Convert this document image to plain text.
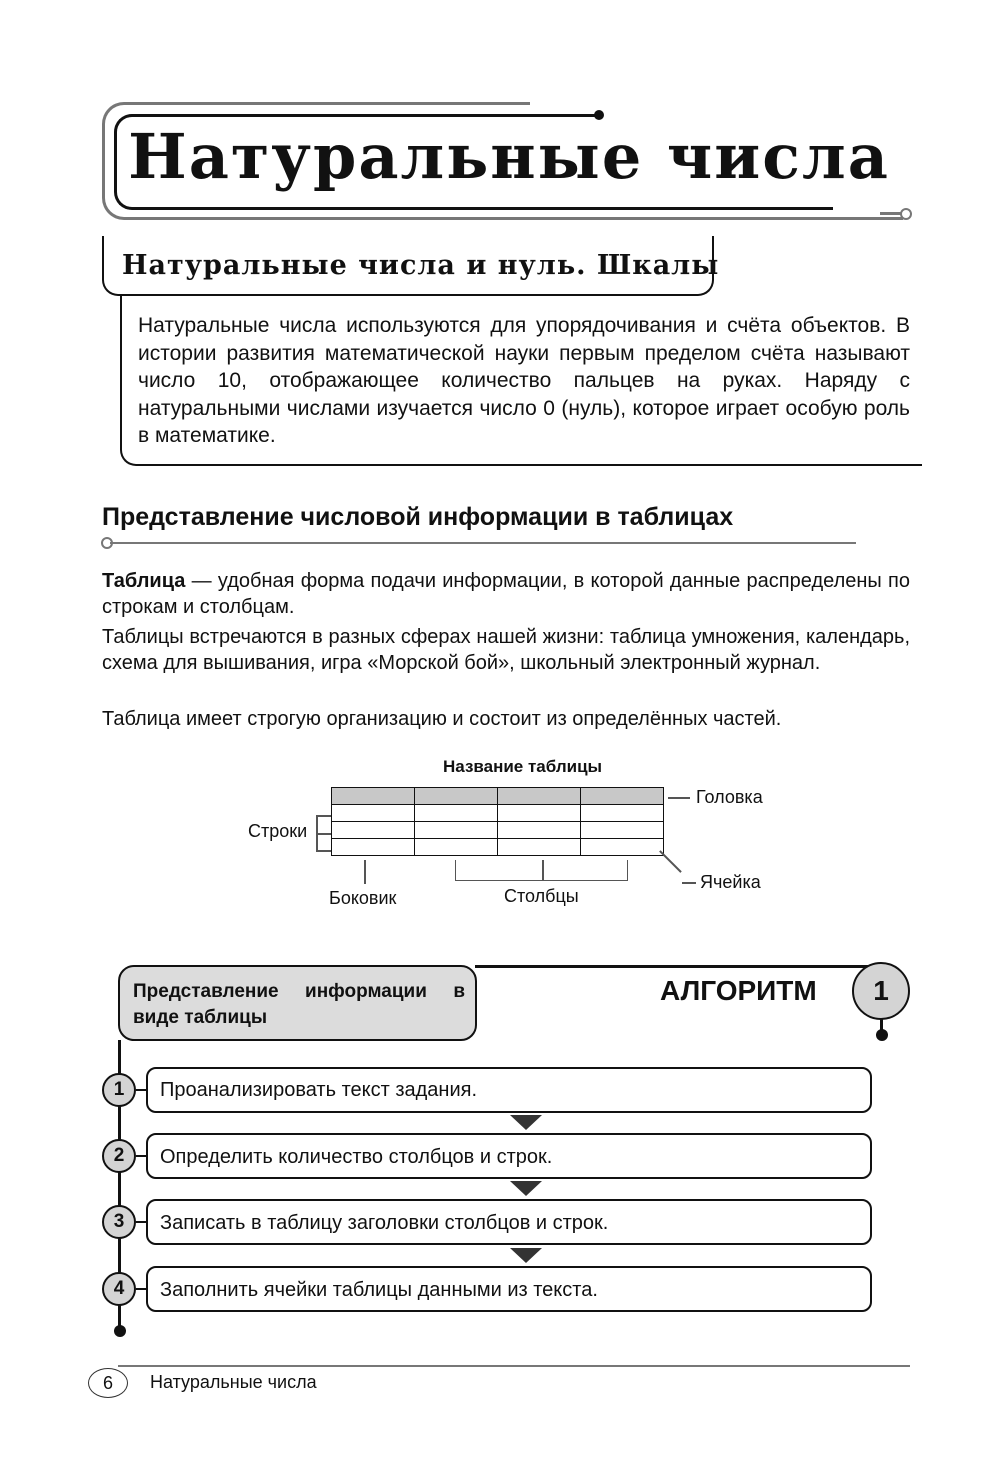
Натуральные числа
Натуральные числа и нуль. Шкалы
Натуральные числа используются для упорядочивания и счёта объектов. В истории развития математической науки первым пределом счёта называют число 10, отображающее количество пальцев на руках. Наряду с натуральными числами изучается число 0 (нуль), которое играет особую роль в математике.
Представление числовой информации в таблицах
Таблица — удобная форма подачи информации, в которой данные распределены по строкам и столбцам.
Таблицы встречаются в разных сферах нашей жизни: таблица умножения, календарь, схема для вышивания, игра «Морской бой», школьный электронный журнал.
Таблица имеет строгую организацию и состоит из определённых частей.
Название таблицы

Головка
Строки
Ячейка
Боковик	Столбцы
Представление информации в виде таблицы
АЛГОРИТМ	1
Проанализировать текст задания.
1
Определить количество столбцов и строк.
2
Записать в таблицу заголовки столбцов и строк.
3
Заполнить ячейки таблицы данными из текста.
4
6	Натуральные числа
